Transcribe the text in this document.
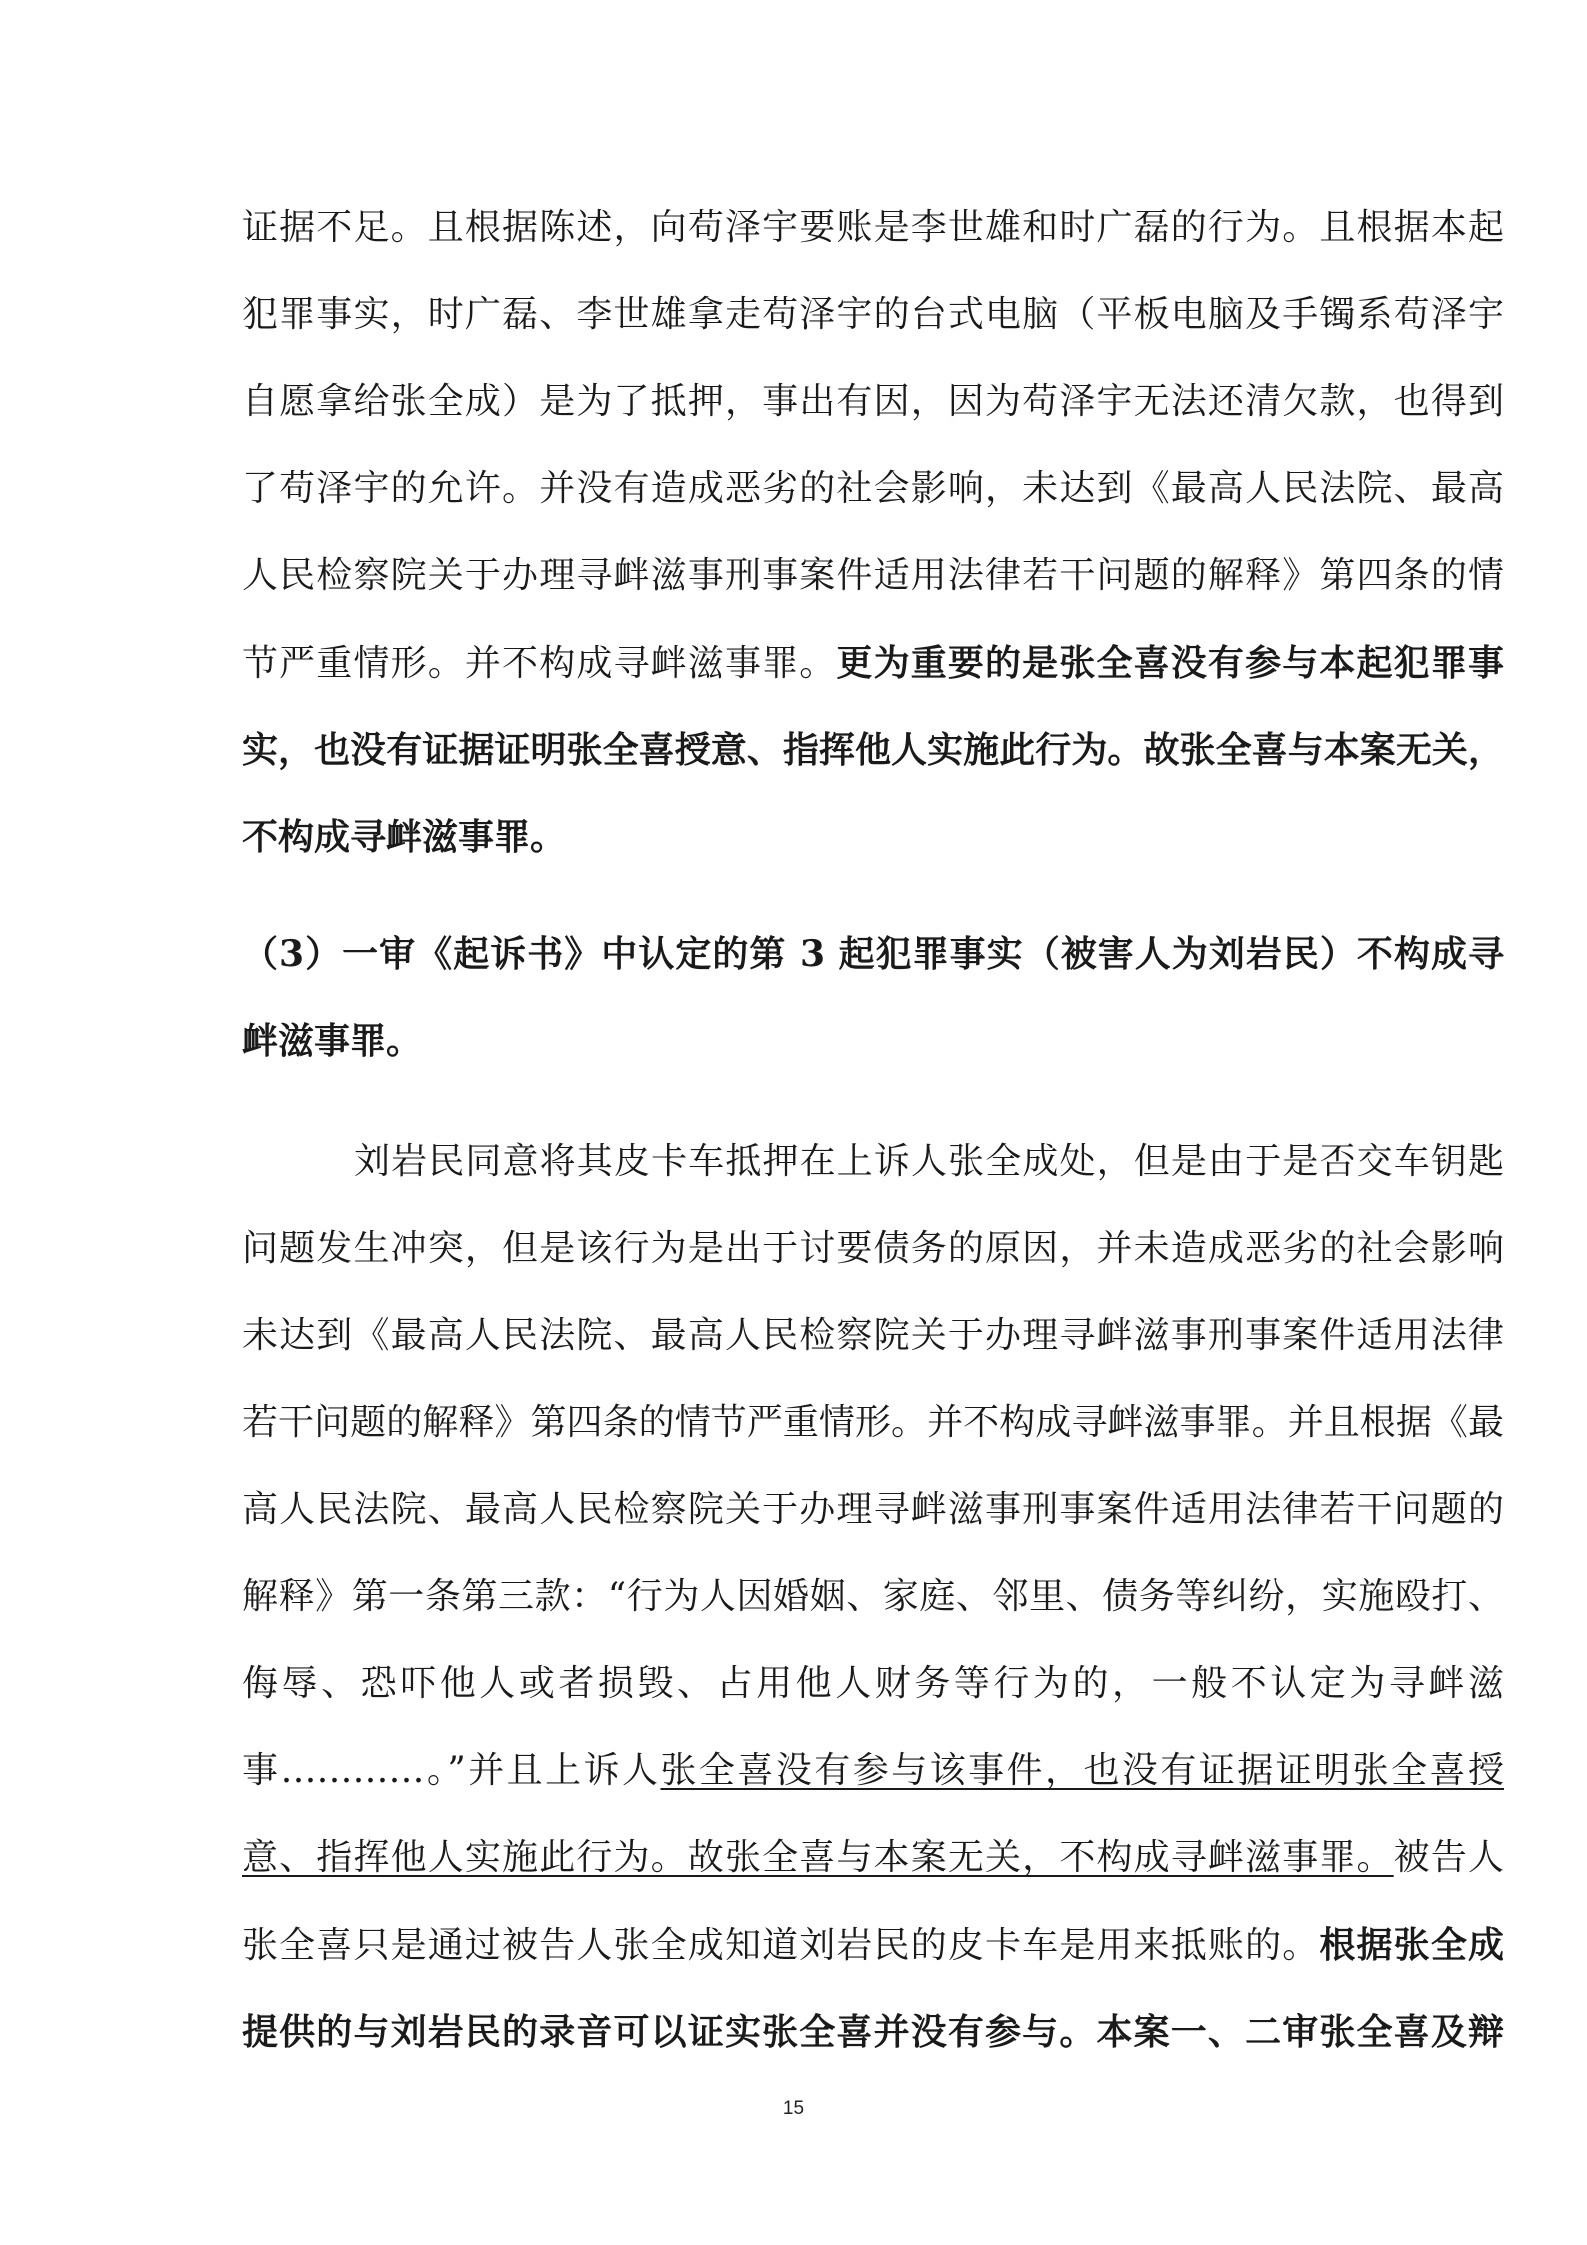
证据不足。且根据陈述，向苟泽宇要账是李世雄和时广磊的行为。且根据本起
犯罪事实，时广磊、李世雄拿走苟泽宇的台式电脑（平板电脑及手镯系苟泽宇
自愿拿给张全成）是为了抵押，事出有因，因为苟泽宇无法还清欠款，也得到
了苟泽宇的允许。并没有造成恶劣的社会影响，未达到《最高人民法院、最高
人民检察院关于办理寻衅滋事刑事案件适用法律若干问题的解释》第四条的情
节严重情形。并不构成寻衅滋事罪。更为重要的是张全喜没有参与本起犯罪事
实，也没有证据证明张全喜授意、指挥他人实施此行为。故张全喜与本案无关，
不构成寻衅滋事罪。
（3）一审《起诉书》中认定的第 3 起犯罪事实（被害人为刘岩民）不构成寻
衅滋事罪。
刘岩民同意将其皮卡车抵押在上诉人张全成处，但是由于是否交车钥匙
问题发生冲突，但是该行为是出于讨要债务的原因，并未造成恶劣的社会影响
未达到《最高人民法院、最高人民检察院关于办理寻衅滋事刑事案件适用法律
若干问题的解释》第四条的情节严重情形。并不构成寻衅滋事罪。并且根据《最
高人民法院、最高人民检察院关于办理寻衅滋事刑事案件适用法律若干问题的
解释》第一条第三款：“行为人因婚姻、家庭、邻里、债务等纠纷，实施殴打、
侮辱、恐吓他人或者损毁、占用他人财务等行为的，一般不认定为寻衅滋
事…………。”并且上诉人张全喜没有参与该事件，也没有证据证明张全喜授
意、指挥他人实施此行为。故张全喜与本案无关，不构成寻衅滋事罪。被告人
张全喜只是通过被告人张全成知道刘岩民的皮卡车是用来抵账的。根据张全成
提供的与刘岩民的录音可以证实张全喜并没有参与。本案一、二审张全喜及辩
15
